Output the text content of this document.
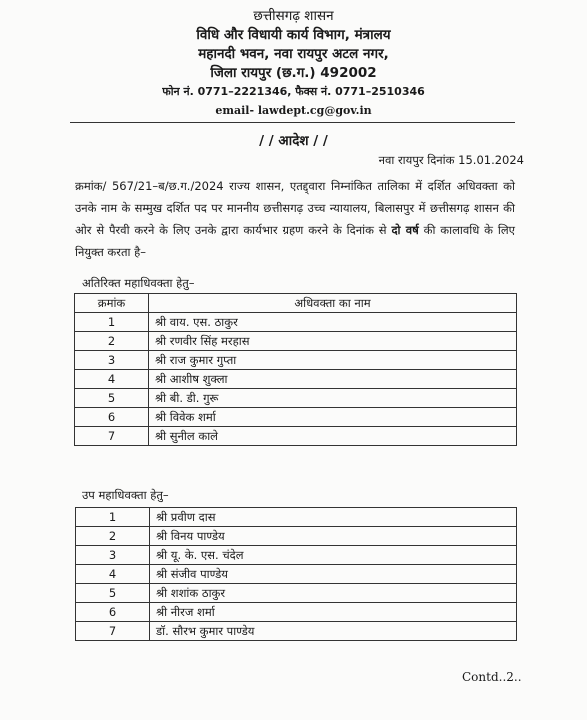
छत्तीसगढ़ शासन
विधि और विधायी कार्य विभाग, मंत्रालय
महानदी भवन, नवा रायपुर अटल नगर,
जिला रायपुर (छ.ग.) 492002
फोन नं. 0771–2221346, फैक्स नं. 0771–2510346
email- lawdept.cg@gov.in
/ / आदेश / /
नवा रायपुर दिनांक 15.01.2024
क्रमांक/ 567/21–ब/छ.ग./2024 राज्य शासन, एतद्द्वारा निम्नांकित तालिका में दर्शित अधिवक्ता को उनके नाम के सम्मुख दर्शित पद पर माननीय छत्तीसगढ़ उच्च न्यायालय, बिलासपुर में छत्तीसगढ़ शासन की ओर से पैरवी करने के लिए उनके द्वारा कार्यभार ग्रहण करने के दिनांक से दो वर्ष की कालावधि के लिए नियुक्त करता है–
अतिरिक्त महाधिवक्ता हेतु–
क्रमांक	अधिवक्ता का नाम
1	श्री वाय. एस. ठाकुर
2	श्री रणवीर सिंह मरहास
3	श्री राज कुमार गुप्ता
4	श्री आशीष शुक्ला
5	श्री बी. डी. गुरू
6	श्री विवेक शर्मा
7	श्री सुनील काले
उप महाधिवक्ता हेतु–
1	श्री प्रवीण दास
2	श्री विनय पाण्डेय
3	श्री यू. के. एस. चंदेल
4	श्री संजीव पाण्डेय
5	श्री शशांक ठाकुर
6	श्री नीरज शर्मा
7	डॉ. सौरभ कुमार पाण्डेय
Contd..2..
